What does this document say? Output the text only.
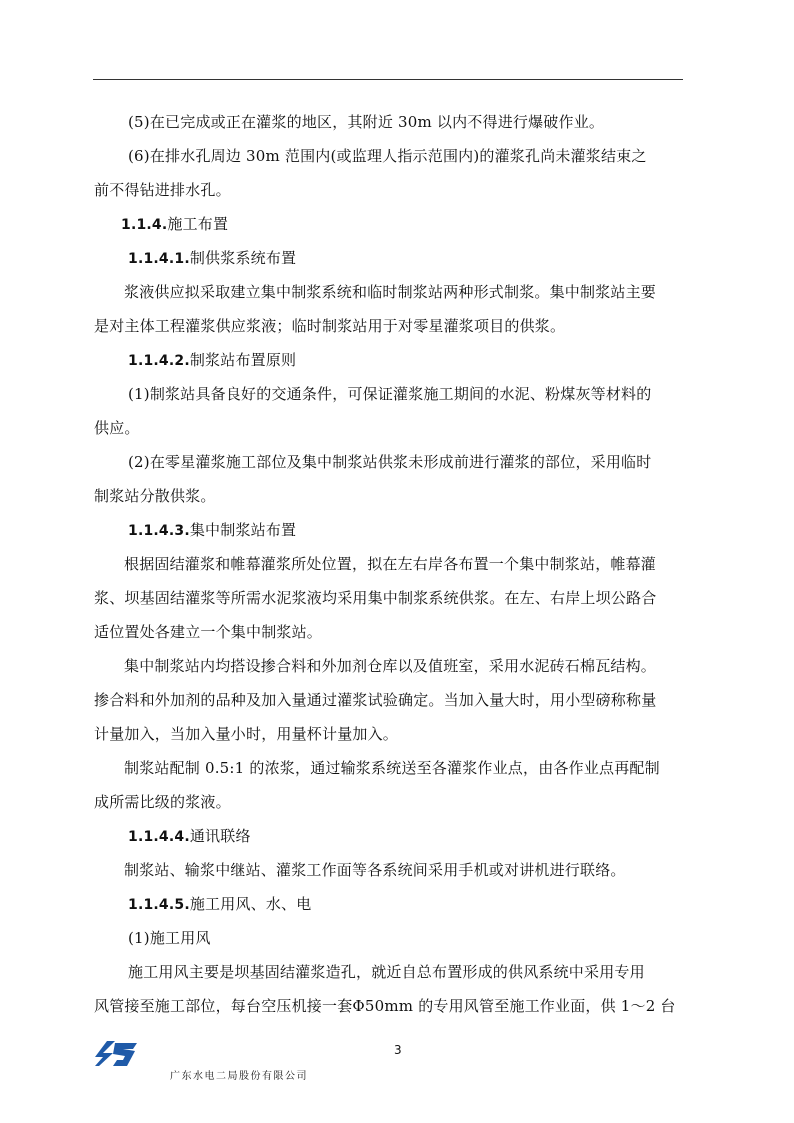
(5)在已完成或正在灌浆的地区，其附近 30m 以内不得进行爆破作业。
(6)在排水孔周边 30m 范围内(或监理人指示范围内)的灌浆孔尚未灌浆结束之
前不得钻进排水孔。
1.1.4.施工布置
1.1.4.1.制供浆系统布置
浆液供应拟采取建立集中制浆系统和临时制浆站两种形式制浆。集中制浆站主要
是对主体工程灌浆供应浆液；临时制浆站用于对零星灌浆项目的供浆。
1.1.4.2.制浆站布置原则
(1)制浆站具备良好的交通条件，可保证灌浆施工期间的水泥、粉煤灰等材料的
供应。
(2)在零星灌浆施工部位及集中制浆站供浆未形成前进行灌浆的部位，采用临时
制浆站分散供浆。
1.1.4.3.集中制浆站布置
根据固结灌浆和帷幕灌浆所处位置，拟在左右岸各布置一个集中制浆站，帷幕灌
浆、坝基固结灌浆等所需水泥浆液均采用集中制浆系统供浆。在左、右岸上坝公路合
适位置处各建立一个集中制浆站。
集中制浆站内均搭设掺合料和外加剂仓库以及值班室，采用水泥砖石棉瓦结构。
掺合料和外加剂的品种及加入量通过灌浆试验确定。当加入量大时，用小型磅称称量
计量加入，当加入量小时，用量杯计量加入。
制浆站配制 0.5:1 的浓浆，通过输浆系统送至各灌浆作业点，由各作业点再配制
成所需比级的浆液。
1.1.4.4.通讯联络
制浆站、输浆中继站、灌浆工作面等各系统间采用手机或对讲机进行联络。
1.1.4.5.施工用风、水、电
(1)施工用风
施工用风主要是坝基固结灌浆造孔，就近自总布置形成的供风系统中采用专用
风管接至施工部位，每台空压机接一套Φ50mm 的专用风管至施工作业面，供 1～2 台
3
广东水电二局股份有限公司
